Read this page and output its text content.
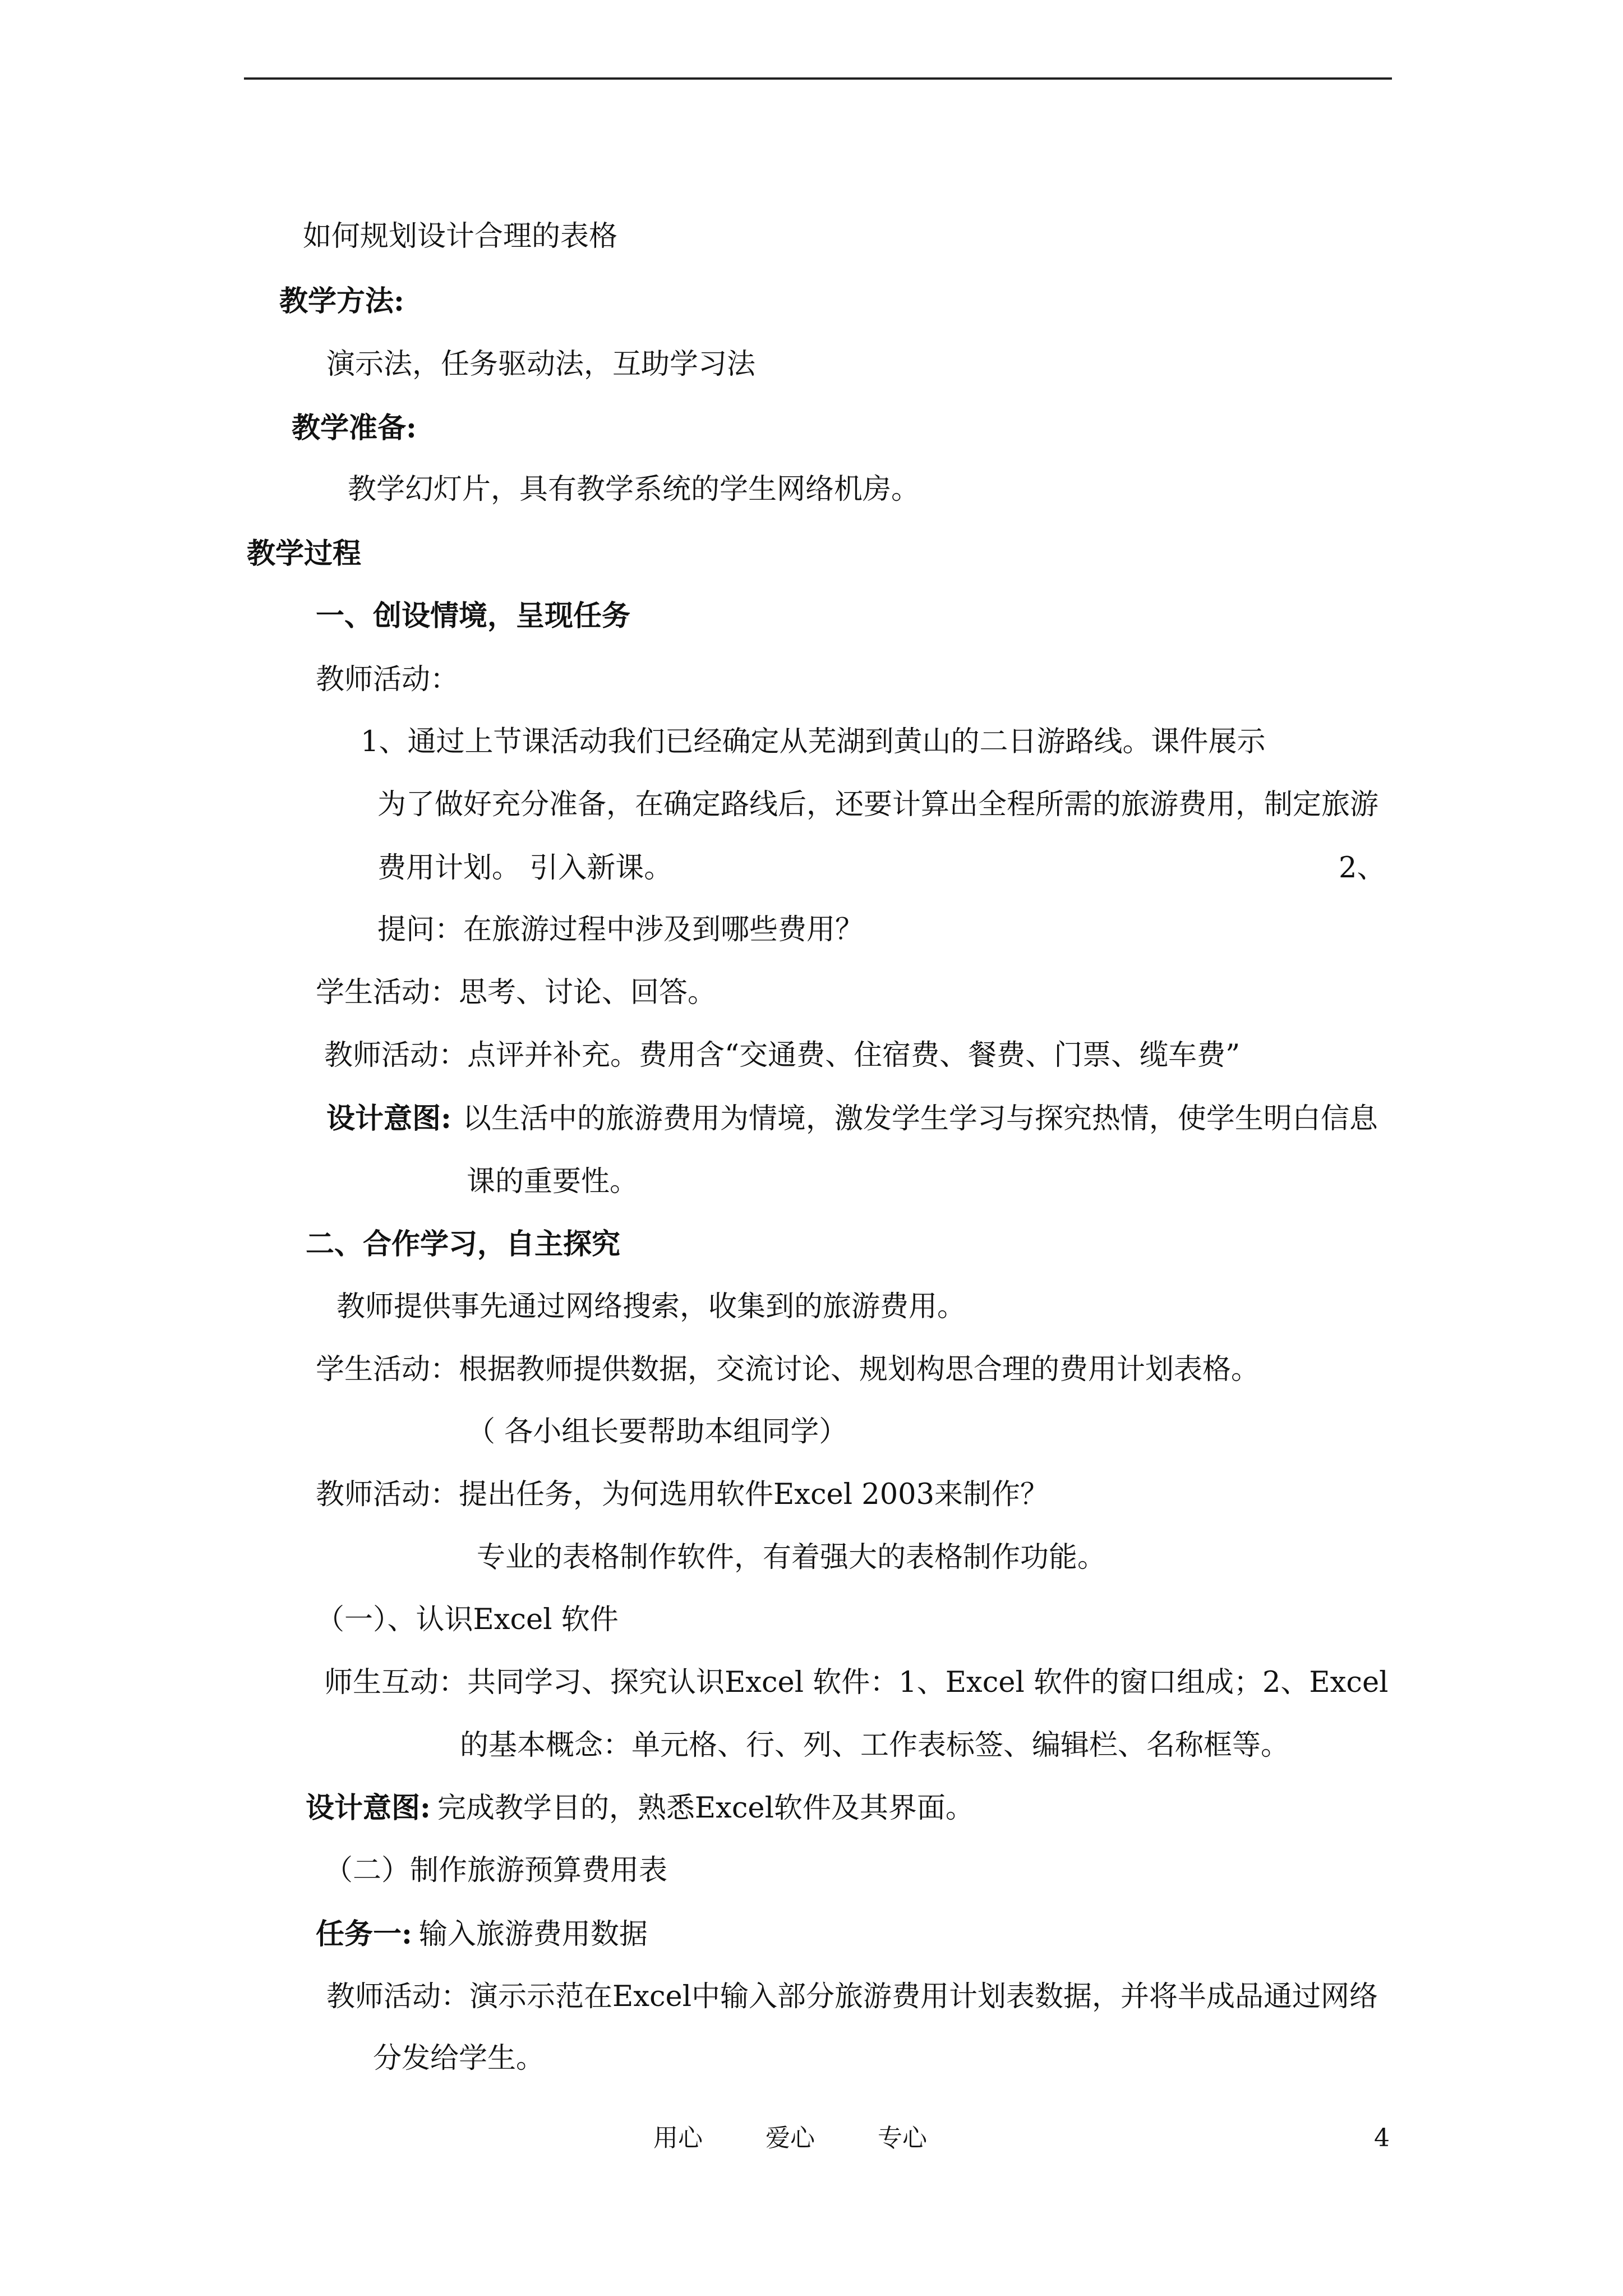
如何规划设计合理的表格
教学方法:
演示法，任务驱动法，互助学习法
教学准备:
教学幻灯片，具有教学系统的学生网络机房。
教学过程
一、创设情境，呈现任务
教师活动：
1、通过上节课活动我们已经确定从芜湖到黄山的二日游路线。课件展示
为了做好充分准备，在确定路线后，还要计算出全程所需的旅游费用，制定旅游
费用计划。 引入新课。	2、
提问：在旅游过程中涉及到哪些费用？
学生活动：思考、讨论、回答。
教师活动：点评并补充。费用含“交通费、住宿费、餐费、门票、缆车费”
设计意图: 以生活中的旅游费用为情境，激发学生学习与探究热情，使学生明白信息
课的重要性。
二、合作学习，自主探究
教师提供事先通过网络搜索，收集到的旅游费用。
学生活动：根据教师提供数据，交流讨论、规划构思合理的费用计划表格。
（ 各小组长要帮助本组同学）
教师活动：提出任务，为何选用软件Excel 2003来制作？
专业的表格制作软件，有着强大的表格制作功能。
（一）、认识Excel 软件
师生互动：共同学习、探究认识Excel 软件：1、Excel 软件的窗口组成；2、Excel
的基本概念：单元格、行、列、工作表标签、编辑栏、名称框等。
设计意图: 完成教学目的，熟悉Excel软件及其界面。
（二）制作旅游预算费用表
任务一: 输入旅游费用数据
教师活动：演示示范在Excel中输入部分旅游费用计划表数据，并将半成品通过网络
分发给学生。
用心	爱心	专心	4
